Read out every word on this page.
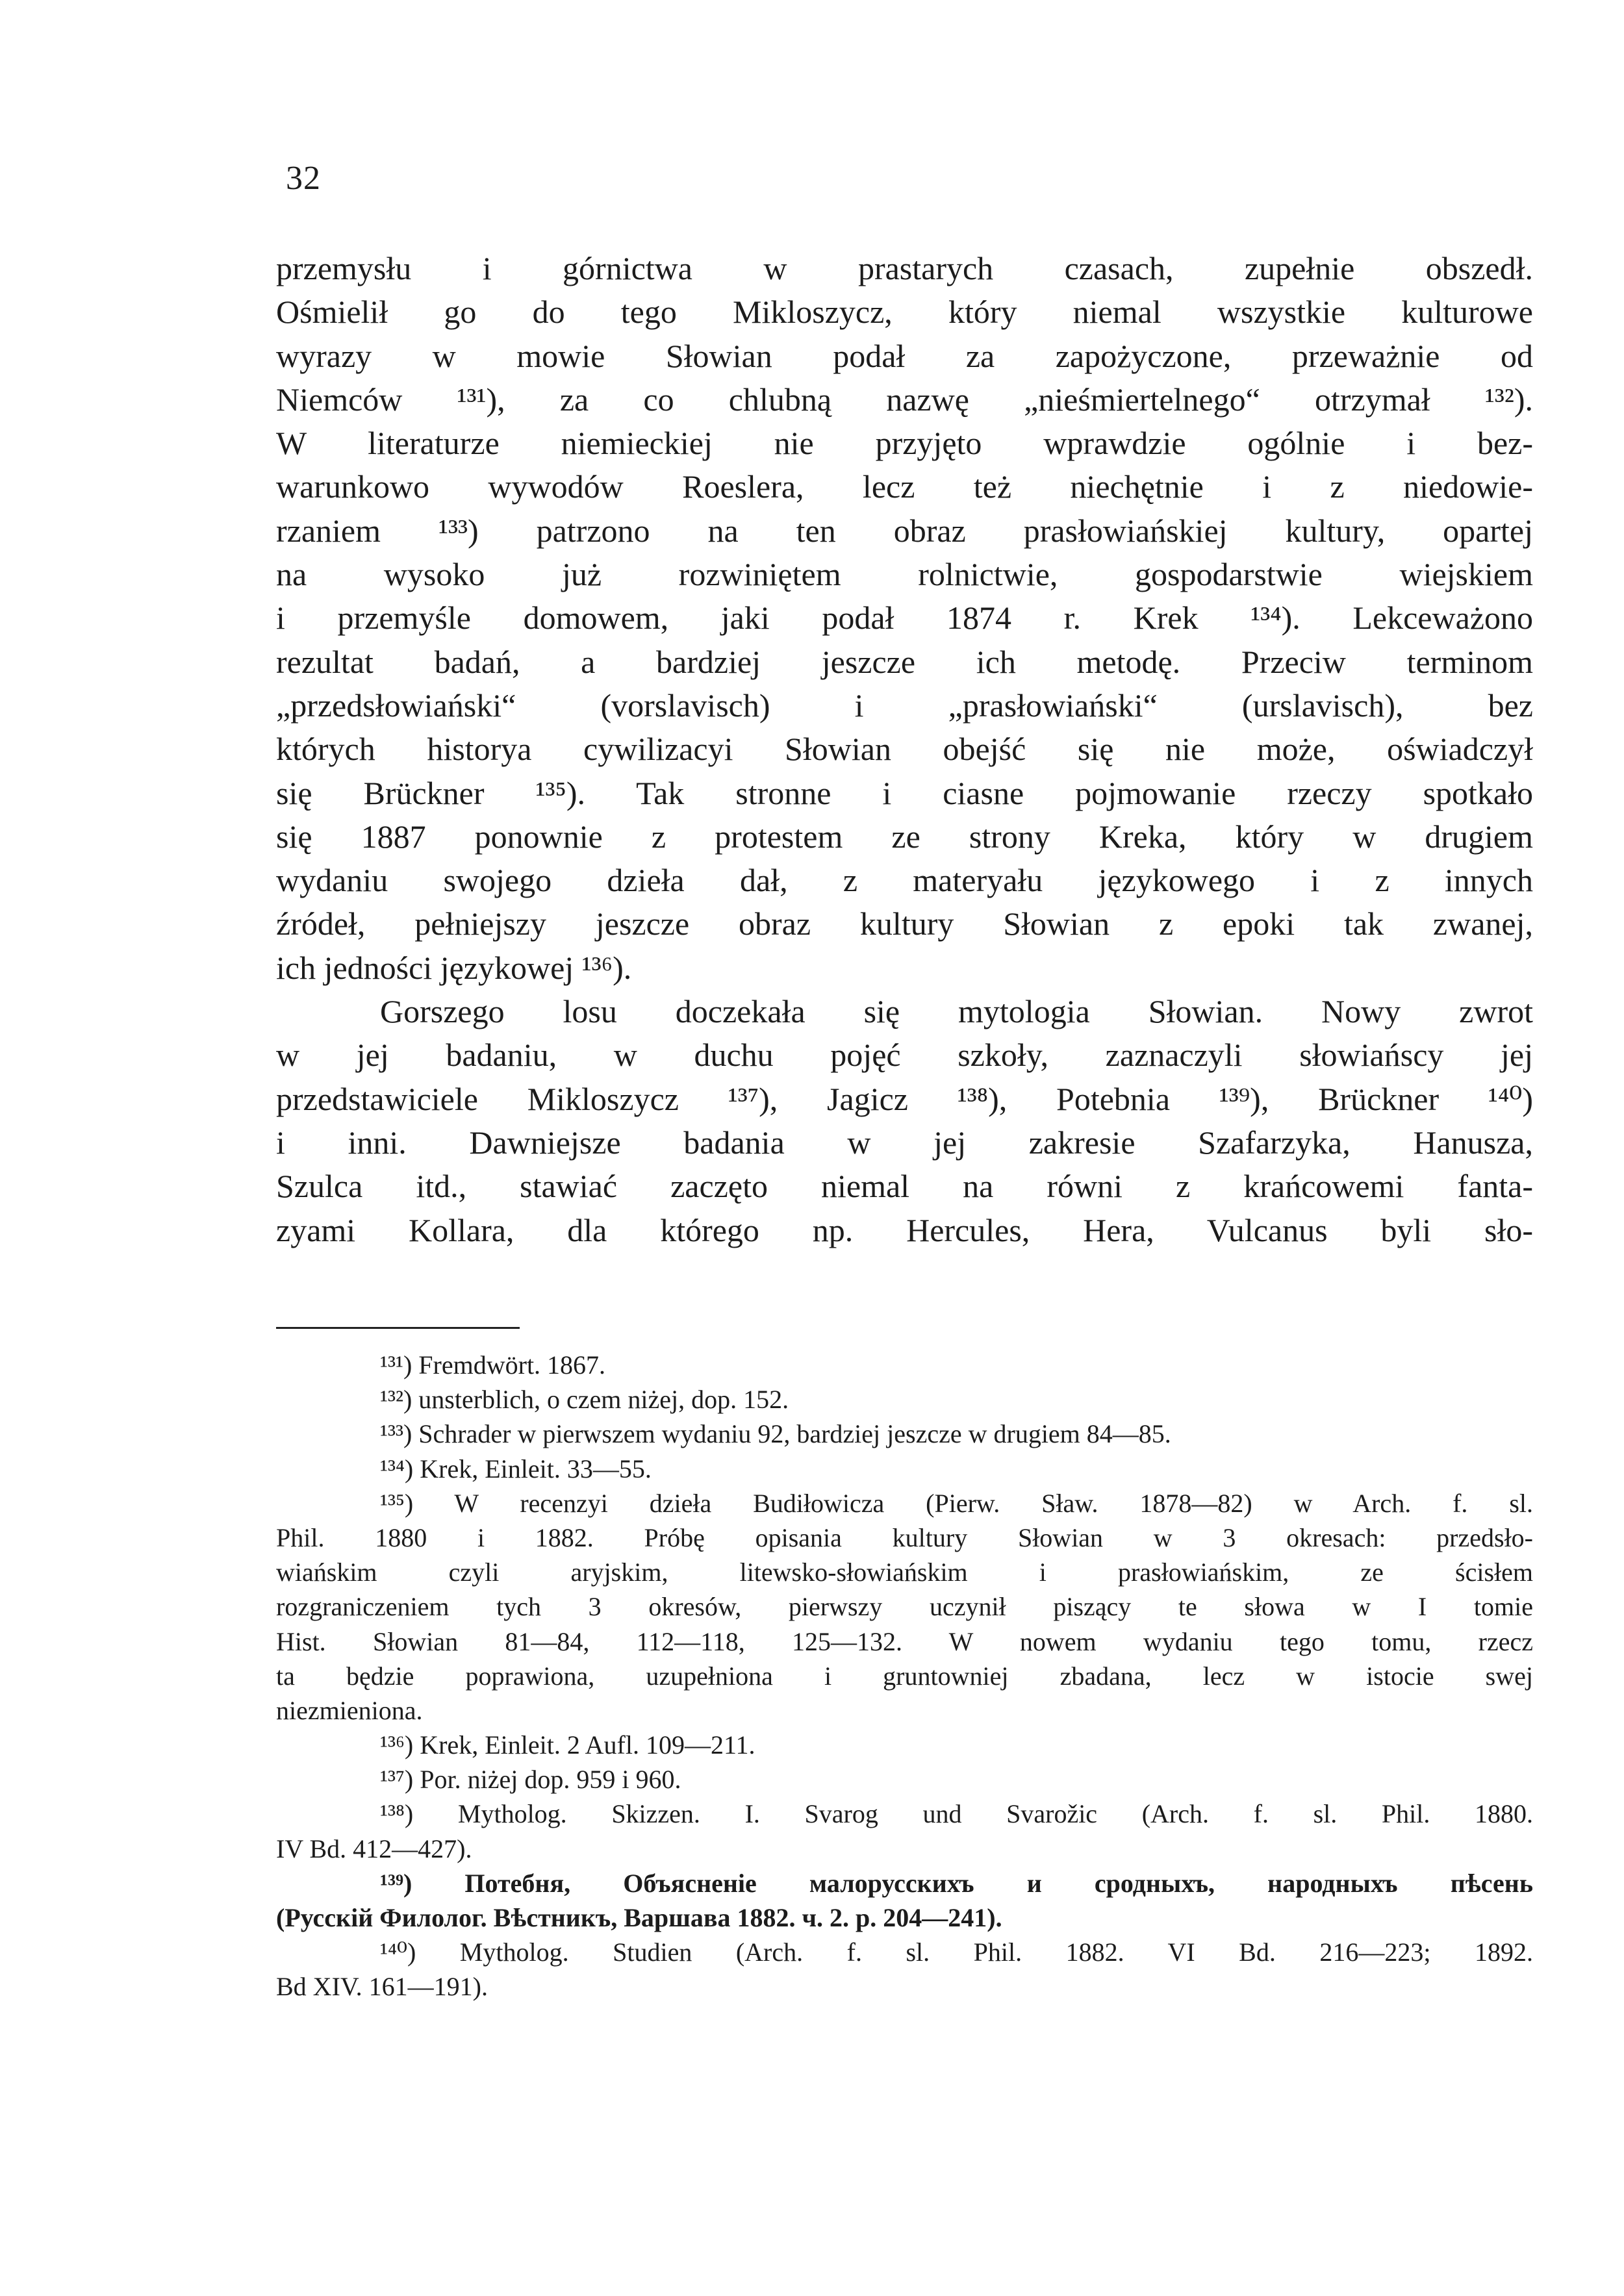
32
przemysłu i górnictwa w prastarych czasach, zupełnie obszedł.
Ośmielił go do tego Mikloszycz, który niemal wszystkie kulturowe
wyrazy w mowie Słowian podał za zapożyczone, przeważnie od
Niemców ¹³¹), za co chlubną nazwę „nieśmiertelnego“ otrzymał ¹³²).
W literaturze niemieckiej nie przyjęto wprawdzie ogólnie i bez-
warunkowo wywodów Roeslera, lecz też niechętnie i z niedowie-
rzaniem ¹³³) patrzono na ten obraz prasłowiańskiej kultury, opartej
na wysoko już rozwiniętem rolnictwie, gospodarstwie wiejskiem
i przemyśle domowem, jaki podał 1874 r. Krek ¹³⁴). Lekceważono
rezultat badań, a bardziej jeszcze ich metodę. Przeciw terminom
„przedsłowiański“ (vorslavisch) i „prasłowiański“ (urslavisch), bez
których historya cywilizacyi Słowian obejść się nie może, oświadczył
się Brückner ¹³⁵). Tak stronne i ciasne pojmowanie rzeczy spotkało
się 1887 ponownie z protestem ze strony Kreka, który w drugiem
wydaniu swojego dzieła dał, z materyału językowego i z innych
źródeł, pełniejszy jeszcze obraz kultury Słowian z epoki tak zwanej,
ich jedności językowej ¹³⁶).
Gorszego losu doczekała się mytologia Słowian. Nowy zwrot
w jej badaniu, w duchu pojęć szkoły, zaznaczyli słowiańscy jej
przedstawiciele Mikloszycz ¹³⁷), Jagicz ¹³⁸), Potebnia ¹³⁹), Brückner ¹⁴⁰)
i inni. Dawniejsze badania w jej zakresie Szafarzyka, Hanusza,
Szulca itd., stawiać zaczęto niemal na równi z krańcowemi fanta-
zyami Kollara, dla którego np. Hercules, Hera, Vulcanus byli sło-
¹³¹) Fremdwört. 1867.
¹³²) unsterblich, o czem niżej, dop. 152.
¹³³) Schrader w pierwszem wydaniu 92, bardziej jeszcze w drugiem 84—85.
¹³⁴) Krek, Einleit. 33—55.
¹³⁵) W recenzyi dzieła Budiłowicza (Pierw. Sław. 1878—82) w Arch. f. sl.
Phil. 1880 i 1882. Próbę opisania kultury Słowian w 3 okresach: przedsło-
wiańskim czyli aryjskim, litewsko-słowiańskim i prasłowiańskim, ze ścisłem
rozgraniczeniem tych 3 okresów, pierwszy uczynił piszący te słowa w I tomie
Hist. Słowian 81—84, 112—118, 125—132. W nowem wydaniu tego tomu, rzecz
ta będzie poprawiona, uzupełniona i gruntowniej zbadana, lecz w istocie swej
niezmieniona.
¹³⁶) Krek, Einleit. 2 Aufl. 109—211.
¹³⁷) Por. niżej dop. 959 i 960.
¹³⁸) Mytholog. Skizzen. I. Svarog und Svarožic (Arch. f. sl. Phil. 1880.
IV Bd. 412—427).
¹³⁹) Потебня, Объясненiе малорусскихъ и сродныхъ, народныхъ пѣсень
(Русскiй Филолог. Вѣстникъ, Варшава 1882. ч. 2. p. 204—241).
¹⁴⁰) Mytholog. Studien (Arch. f. sl. Phil. 1882. VI Bd. 216—223; 1892.
Bd XIV. 161—191).
